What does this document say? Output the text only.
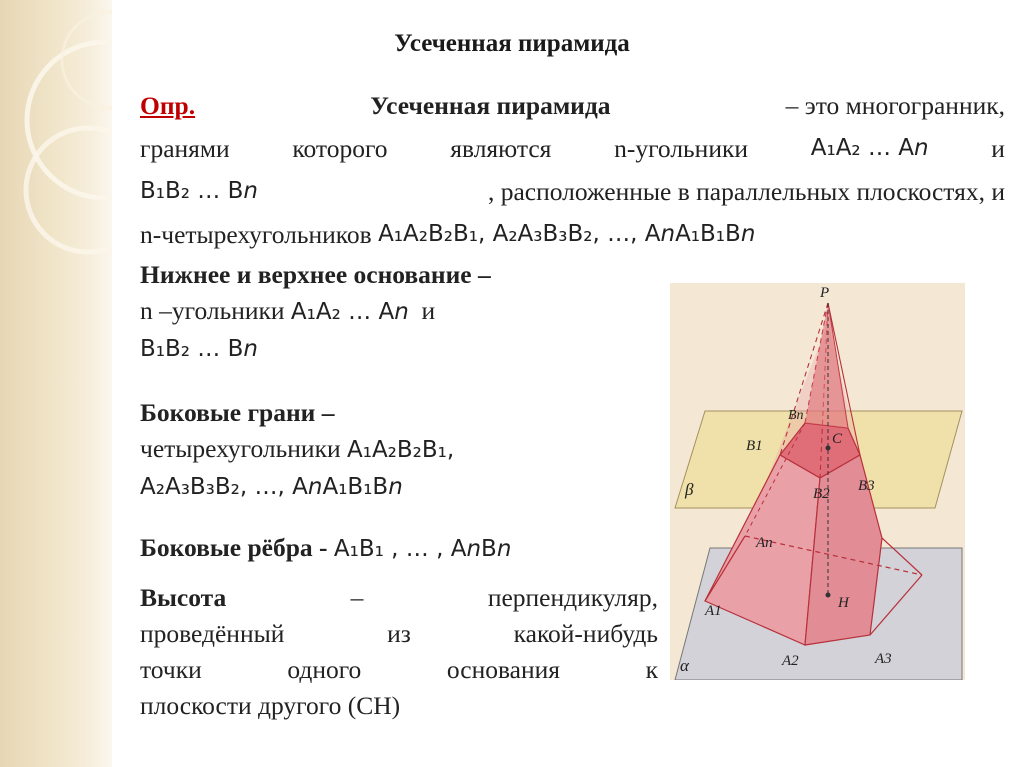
Усеченная пирамида
Опр.	Усеченная пирамида	– это многогранник,
гранями которого являются n-угольники	A₁A₂ … An и
B₁B₂ … Bn	, расположенные в параллельных плоскостях, и
n-четырехугольников
A₁A₂B₂B₁, A₂A₃B₃B₂, …, AnA₁B₁Bn
Нижнее и верхнее основание –
n –угольники A₁A₂ … An и
B₁B₂ … Bn
Боковые грани –
четырехугольники A₁A₂B₂B₁,
A₂A₃B₃B₂, …, AnA₁B₁Bn
Боковые рёбра - A₁B₁ , … , AnBn
Высота	–	перпендикуляр,
проведённый	из	какой-нибудь
точки	одного	основания	к
плоскости другого (CH)
P
Bn
C
B1
B2 B3
β
An
H
A1
A2	A3
α
